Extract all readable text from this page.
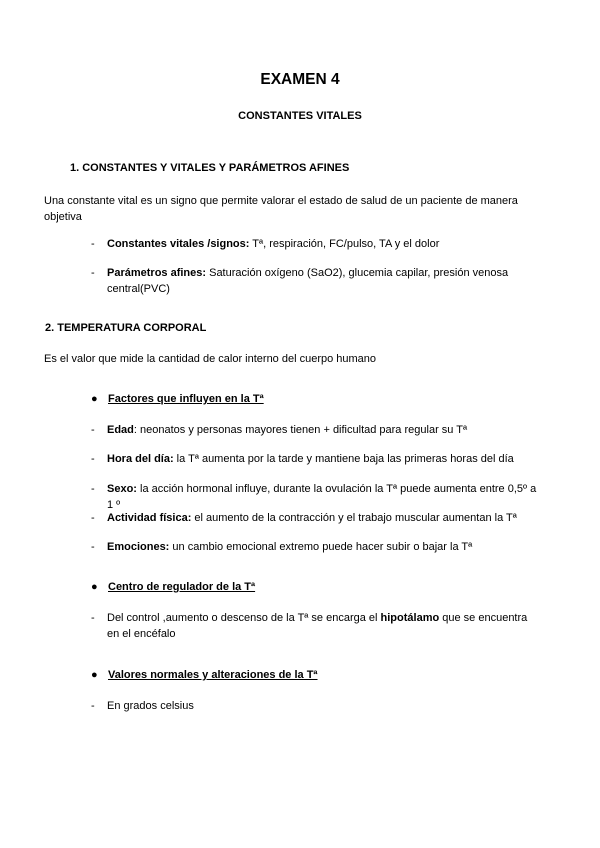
EXAMEN 4
CONSTANTES VITALES
1. CONSTANTES Y VITALES Y PARÁMETROS AFINES
Una constante vital es un signo que permite valorar el estado de salud de un paciente de manera objetiva
-	Constantes vitales /signos: Tª, respiración, FC/pulso, TA y el dolor
-	Parámetros afines: Saturación oxígeno (SaO2), glucemia capilar, presión venosa central(PVC)
2. TEMPERATURA CORPORAL
Es el valor que mide la cantidad de calor interno del cuerpo humano
● Factores que influyen en la Tª
-	Edad: neonatos y personas mayores tienen + dificultad para regular su Tª
-	Hora del día: la Tª aumenta por la tarde y mantiene baja las primeras horas del día
-	Sexo: la acción hormonal influye, durante la ovulación la Tª puede aumenta entre 0,5º a 1 º
-	Actividad física: el aumento de la contracción y el trabajo muscular aumentan la Tª
-	Emociones: un cambio emocional extremo puede hacer subir o bajar la Tª
● Centro de regulador de la Tª
-	Del control ,aumento o descenso de la Tª se encarga el hipotálamo que se encuentra en el encéfalo
● Valores normales y alteraciones de la Tª
-	En grados celsius
